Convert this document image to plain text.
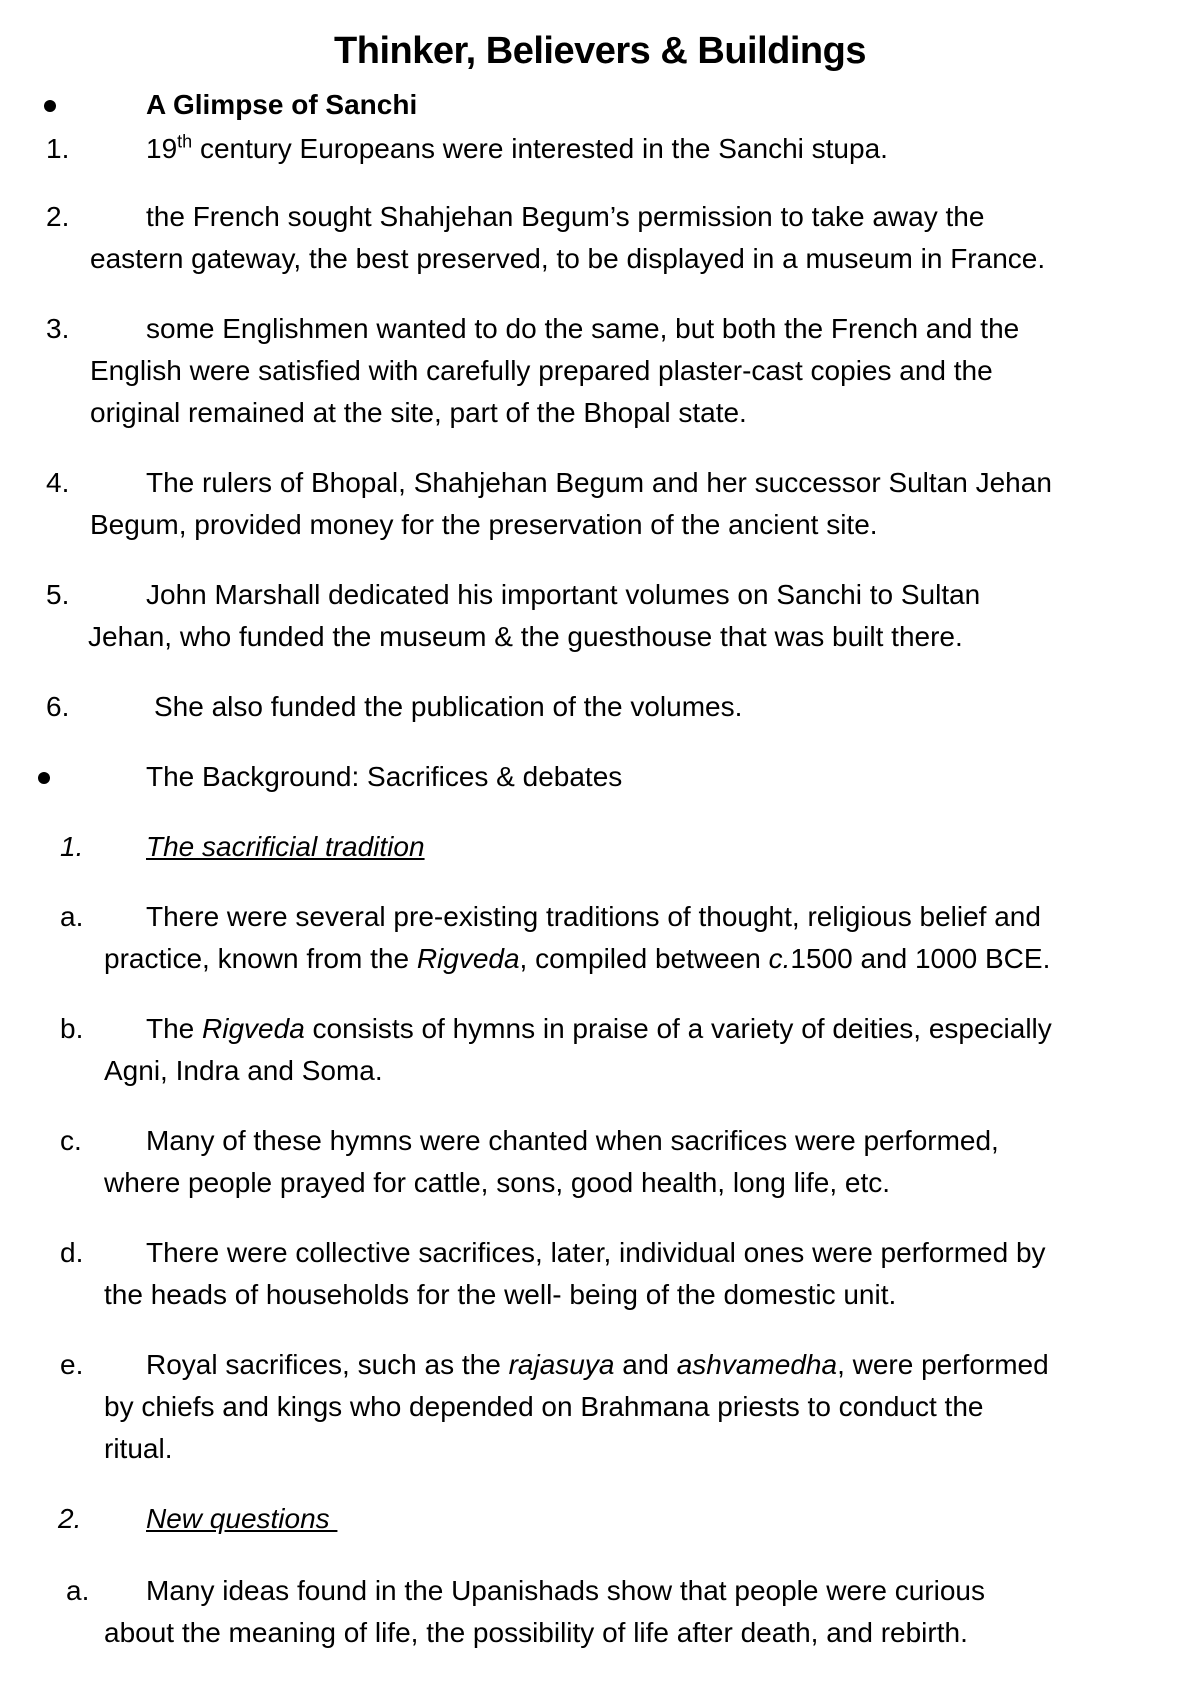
Thinker, Believers & Buildings
A Glimpse of Sanchi
1.	19th century Europeans were interested in the Sanchi stupa.
2.	the French sought Shahjehan Begum’s permission to take away the
eastern gateway, the best preserved, to be displayed in a museum in France.
3.	some Englishmen wanted to do the same, but both the French and the
English were satisfied with carefully prepared plaster-cast copies and the
original remained at the site, part of the Bhopal state.
4.	The rulers of Bhopal, Shahjehan Begum and her successor Sultan Jehan
Begum, provided money for the preservation of the ancient site.
5.	John Marshall dedicated his important volumes on Sanchi to Sultan
Jehan, who funded the museum & the guesthouse that was built there.
6.	She also funded the publication of the volumes.
The Background: Sacrifices & debates
1. The sacrificial tradition
a. There were several pre-existing traditions of thought, religious belief and
practice, known from the Rigveda, compiled between c.1500 and 1000 BCE.
b. The Rigveda consists of hymns in praise of a variety of deities, especially
Agni, Indra and Soma.
c. Many of these hymns were chanted when sacrifices were performed,
where people prayed for cattle, sons, good health, long life, etc.
d. There were collective sacrifices, later, individual ones were performed by
the heads of households for the well- being of the domestic unit.
e. Royal sacrifices, such as the rajasuya and ashvamedha, were performed
by chiefs and kings who depended on Brahmana priests to conduct the
ritual.
2. New questions
a. Many ideas found in the Upanishads show that people were curious
about the meaning of life, the possibility of life after death, and rebirth.
